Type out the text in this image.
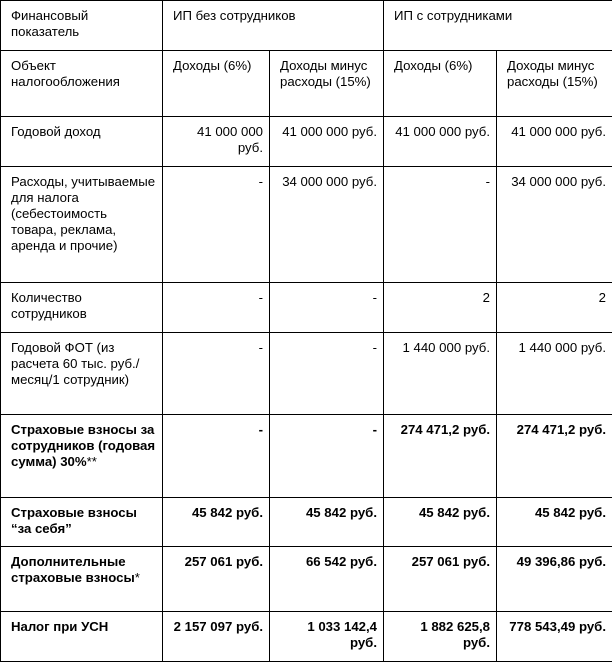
Финансовый показатель	ИП без сотрудников		ИП с сотрудниками	
Объект налогообложения	Доходы (6%)	Доходы минус расходы (15%)	Доходы (6%)	Доходы минус расходы (15%)
Годовой доход	41 000 000 руб.	41 000 000 руб.	41 000 000 руб.	41 000 000 руб.
Расходы, учитываемые для налога (себестоимость товара, реклама, аренда и прочие)	-	34 000 000 руб.	-	34 000 000 руб.
Количество сотрудников	-	-	2	2
Годовой ФОТ (из расчета 60 тыс. руб./месяц/1 сотрудник)	-	-	1 440 000 руб.	1 440 000 руб.
Страховые взносы за сотрудников (годовая сумма) 30%**	-	-	274 471,2 руб.	274 471,2 руб.
Страховые взносы “за себя”	45 842 руб.	45 842 руб.	45 842 руб.	45 842 руб.
Дополнительные страховые взносы*	257 061 руб.	66 542 руб.	257 061 руб.	49 396,86 руб.
Налог при УСН	2 157 097 руб.	1 033 142,4 руб.	1 882 625,8 руб.	778 543,49 руб.
